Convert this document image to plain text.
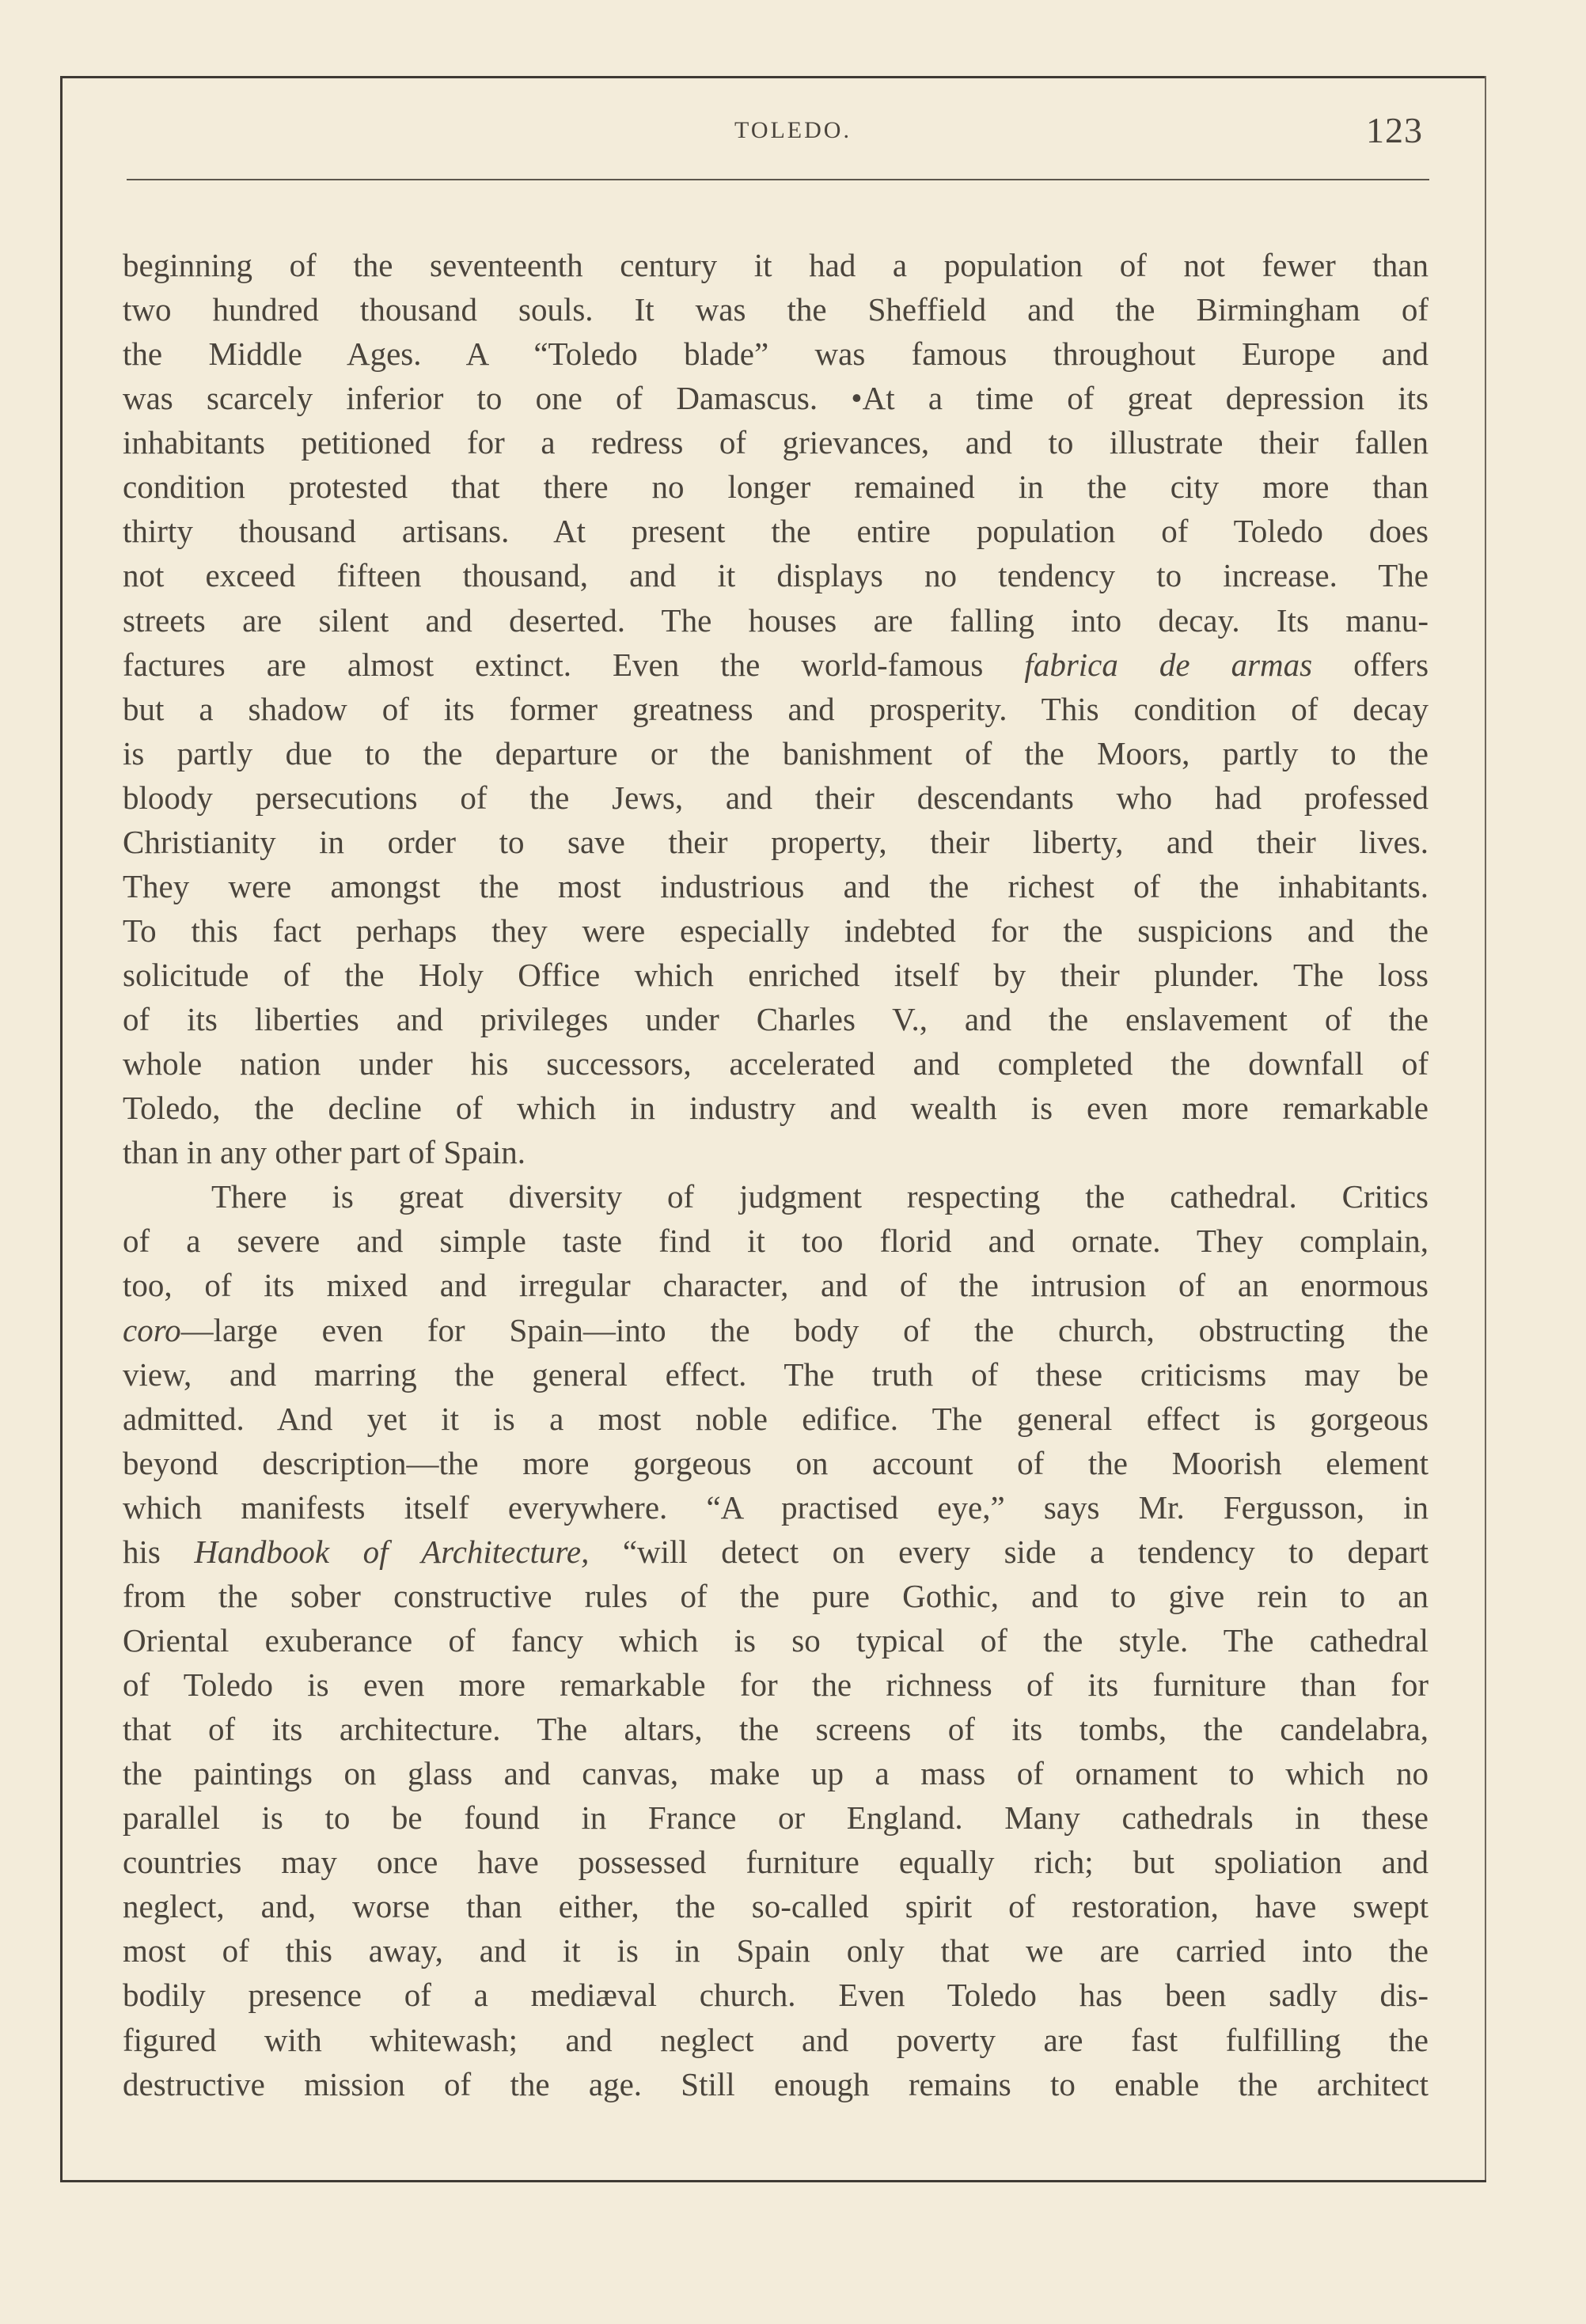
TOLEDO.	123
beginning of the seventeenth century it had a population of not fewer than
two hundred thousand souls. It was the Sheffield and the Birmingham of
the Middle Ages. A “Toledo blade” was famous throughout Europe and
was scarcely inferior to one of Damascus. •At a time of great depression its
inhabitants petitioned for a redress of grievances, and to illustrate their fallen
condition protested that there no longer remained in the city more than
thirty thousand artisans. At present the entire population of Toledo does
not exceed fifteen thousand, and it displays no tendency to increase. The
streets are silent and deserted. The houses are falling into decay. Its manu-
factures are almost extinct. Even the world-famous fabrica de armas offers
but a shadow of its former greatness and prosperity. This condition of decay
is partly due to the departure or the banishment of the Moors, partly to the
bloody persecutions of the Jews, and their descendants who had professed
Christianity in order to save their property, their liberty, and their lives.
They were amongst the most industrious and the richest of the inhabitants.
To this fact perhaps they were especially indebted for the suspicions and the
solicitude of the Holy Office which enriched itself by their plunder. The loss
of its liberties and privileges under Charles V., and the enslavement of the
whole nation under his successors, accelerated and completed the downfall of
Toledo, the decline of which in industry and wealth is even more remarkable
than in any other part of Spain.
There is great diversity of judgment respecting the cathedral. Critics
of a severe and simple taste find it too florid and ornate. They complain,
too, of its mixed and irregular character, and of the intrusion of an enormous
coro—large even for Spain—into the body of the church, obstructing the
view, and marring the general effect. The truth of these criticisms may be
admitted. And yet it is a most noble edifice. The general effect is gorgeous
beyond description—the more gorgeous on account of the Moorish element
which manifests itself everywhere. “A practised eye,” says Mr. Fergusson, in
his Handbook of Architecture, “will detect on every side a tendency to depart
from the sober constructive rules of the pure Gothic, and to give rein to an
Oriental exuberance of fancy which is so typical of the style. The cathedral
of Toledo is even more remarkable for the richness of its furniture than for
that of its architecture. The altars, the screens of its tombs, the candelabra,
the paintings on glass and canvas, make up a mass of ornament to which no
parallel is to be found in France or England. Many cathedrals in these
countries may once have possessed furniture equally rich; but spoliation and
neglect, and, worse than either, the so-called spirit of restoration, have swept
most of this away, and it is in Spain only that we are carried into the
bodily presence of a mediæval church. Even Toledo has been sadly dis-
figured with whitewash; and neglect and poverty are fast fulfilling the
destructive mission of the age. Still enough remains to enable the architect
